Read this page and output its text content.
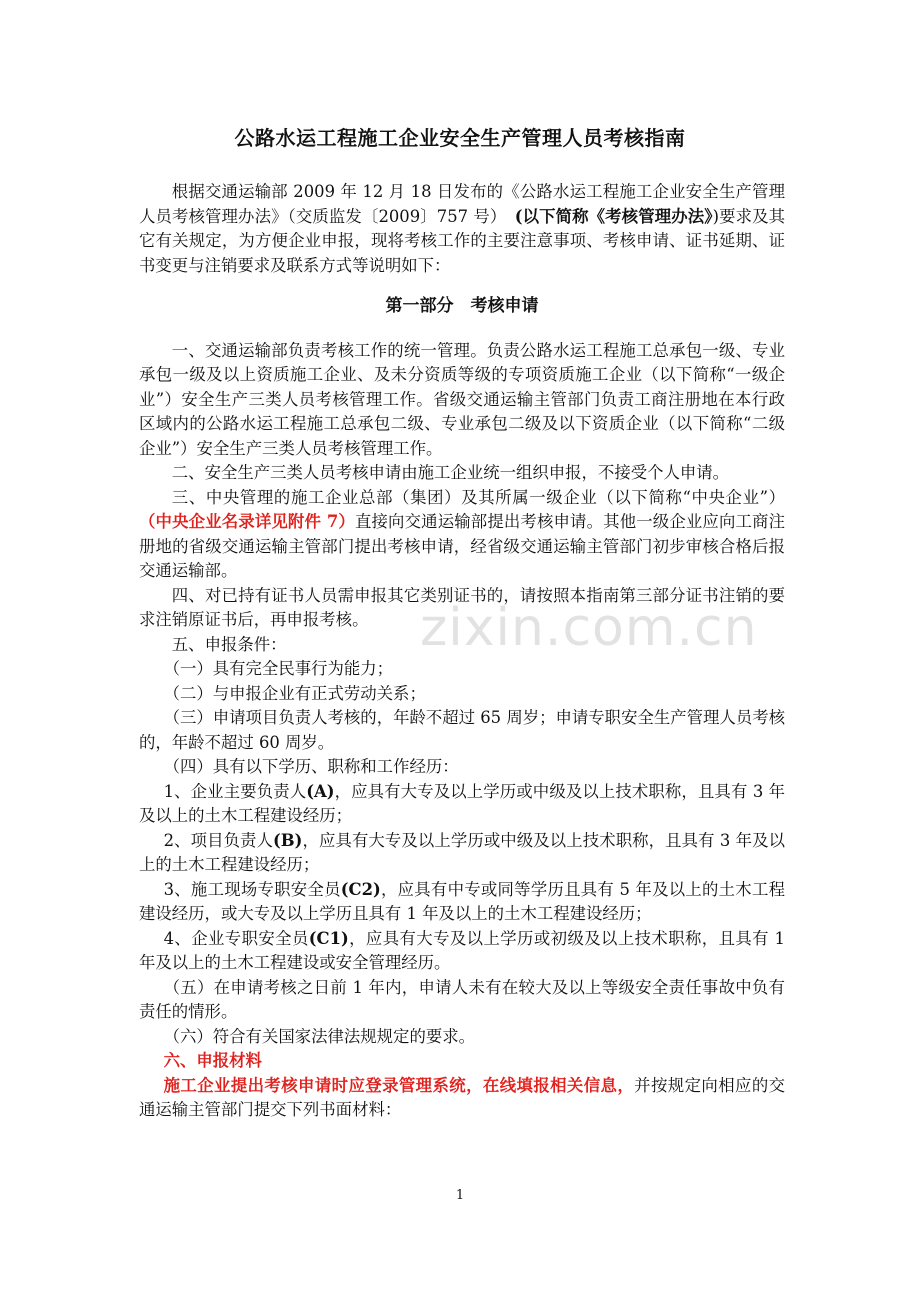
公路水运工程施工企业安全生产管理人员考核指南

根据交通运输部 2009 年 12 月 18 日发布的《公路水运工程施工企业安全生产管理人员考核管理办法》（交质监发〔2009〕757 号）　(以下简称《考核管理办法》)要求及其它有关规定，为方便企业申报，现将考核工作的主要注意事项、考核申请、证书延期、证书变更与注销要求及联系方式等说明如下：

第一部分　考核申请

一、交通运输部负责考核工作的统一管理。负责公路水运工程施工总承包一级、专业承包一级及以上资质施工企业、及未分资质等级的专项资质施工企业（以下简称“一级企业”）安全生产三类人员考核管理工作。省级交通运输主管部门负责工商注册地在本行政区域内的公路水运工程施工总承包二级、专业承包二级及以下资质企业（以下简称“二级企业”）安全生产三类人员考核管理工作。

二、安全生产三类人员考核申请由施工企业统一组织申报，不接受个人申请。

三、中央管理的施工企业总部（集团）及其所属一级企业（以下简称“中央企业”）（中央企业名录详见附件 7）直接向交通运输部提出考核申请。其他一级企业应向工商注册地的省级交通运输主管部门提出考核申请，经省级交通运输主管部门初步审核合格后报交通运输部。

四、对已持有证书人员需申报其它类别证书的，请按照本指南第三部分证书注销的要求注销原证书后，再申报考核。

五、申报条件：

（一）具有完全民事行为能力；

（二）与申报企业有正式劳动关系；

（三）申请项目负责人考核的，年龄不超过 65 周岁；申请专职安全生产管理人员考核的，年龄不超过 60 周岁。

（四）具有以下学历、职称和工作经历：

1、企业主要负责人(A)，应具有大专及以上学历或中级及以上技术职称，且具有 3 年及以上的土木工程建设经历；

2、项目负责人(B)，应具有大专及以上学历或中级及以上技术职称，且具有 3 年及以上的土木工程建设经历；

3、施工现场专职安全员(C2)，应具有中专或同等学历且具有 5 年及以上的土木工程建设经历，或大专及以上学历且具有 1 年及以上的土木工程建设经历；

4、企业专职安全员(C1)，应具有大专及以上学历或初级及以上技术职称，且具有 1 年及以上的土木工程建设或安全管理经历。

（五）在申请考核之日前 1 年内，申请人未有在较大及以上等级安全责任事故中负有责任的情形。

（六）符合有关国家法律法规规定的要求。

六、申报材料

施工企业提出考核申请时应登录管理系统，在线填报相关信息，并按规定向相应的交通运输主管部门提交下列书面材料：

zixin.com.cn
1
